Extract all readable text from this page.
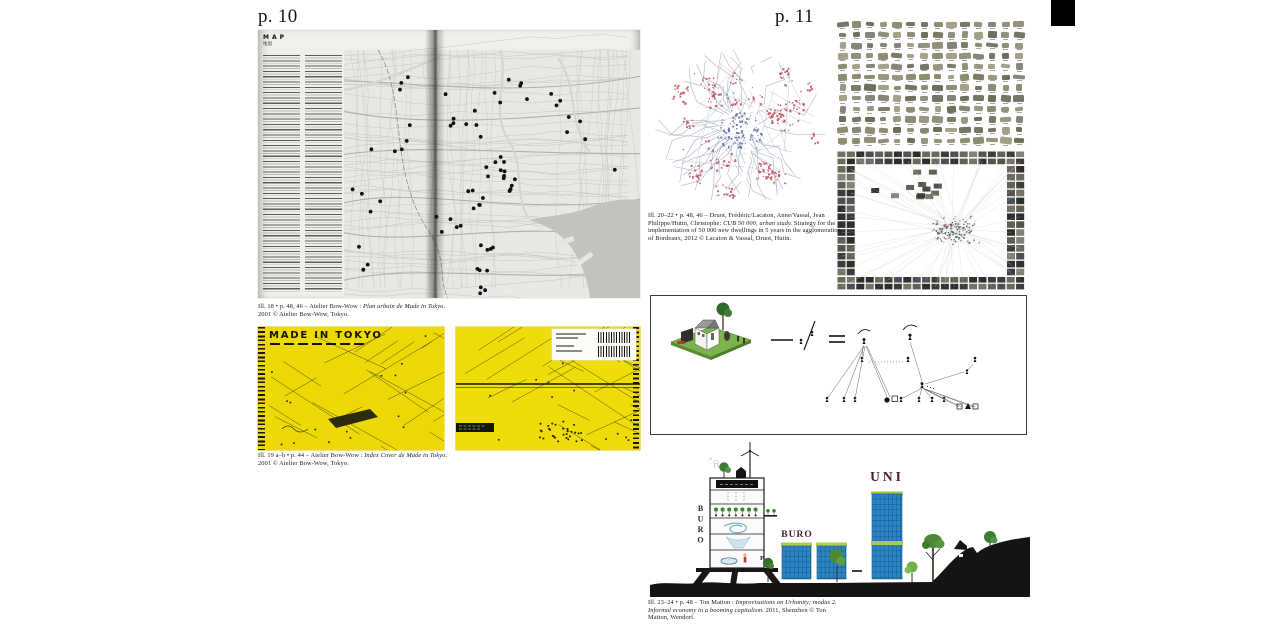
p. 10	p. 11
MAP
地図

Ill. 18 • p. 48, 46 – Atelier Bow-Wow : Plan urbain de Made in Tokyo.
2001 © Atelier Bow-Wow, Tokyo.

MADE IN TOKYO

Ill. 19 a–b • p. 44 – Atelier Bow-Wow : Index Cover de Made in Tokyo.
2001 © Atelier Bow-Wow, Tokyo.

Ill. 20–22 • p. 48, 46 – Druot, Frédéric/Lacaton, Anne/Vassal, Jean Philippe/Hutin, Christophe: CUB 50 000, urban study. Strategy for the implementation of 50 000 new dwellings in 5 years in the agglomeration of Bordeaux, 2012 © Lacaton & Vassal, Druot, Hutin.

BURO	BURO
UNI
P

Ill. 23–24 • p. 48 – Ton Matton : Improvisations on Urbanity; modus 2. Informal economy in a booming capitalism. 2011, Shenzhen © Ton Matton, Wendorf.
